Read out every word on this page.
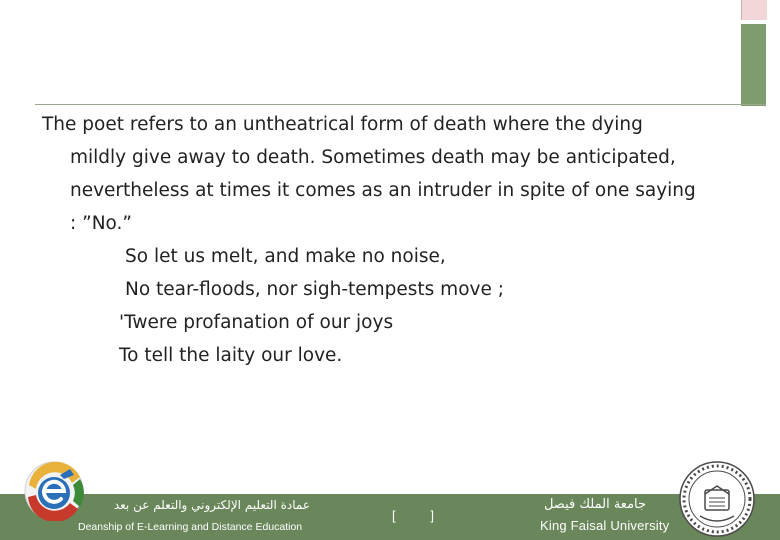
The poet refers to an untheatrical form of death where the dying
mildly give away to death. Sometimes death may be anticipated,
nevertheless at times it comes as an intruder in spite of one saying
: ”No.”
So let us melt, and make no noise,
No tear-floods, nor sigh-tempests move ;
'Twere profanation of our joys
To tell the laity our love.
عمادة التعليم الإلكتروني والتعلم عن بعد
Deanship of E-Learning and Distance Education
[	]
جامعة الملك فيصل
King Faisal University
